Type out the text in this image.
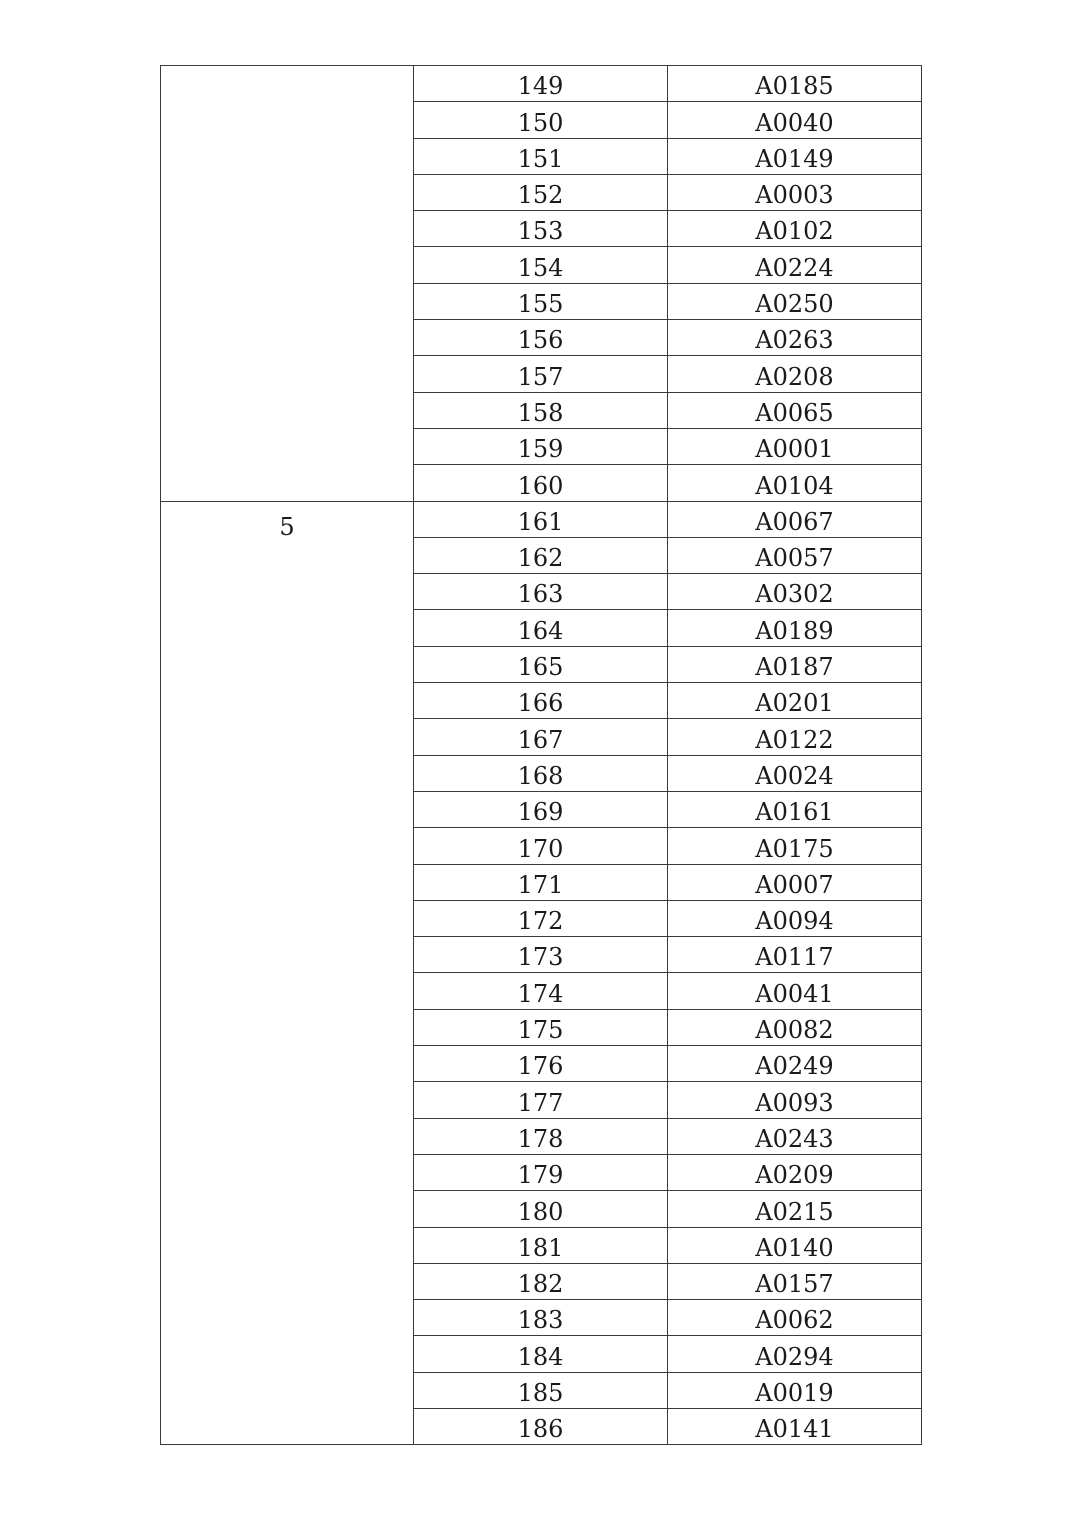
	149	A0185
	150	A0040
	151	A0149
	152	A0003
	153	A0102
	154	A0224
	155	A0250
	156	A0263
	157	A0208
	158	A0065
	159	A0001
	160	A0104
5	161	A0067
	162	A0057
	163	A0302
	164	A0189
	165	A0187
	166	A0201
	167	A0122
	168	A0024
	169	A0161
	170	A0175
	171	A0007
	172	A0094
	173	A0117
	174	A0041
	175	A0082
	176	A0249
	177	A0093
	178	A0243
	179	A0209
	180	A0215
	181	A0140
	182	A0157
	183	A0062
	184	A0294
	185	A0019
	186	A0141
